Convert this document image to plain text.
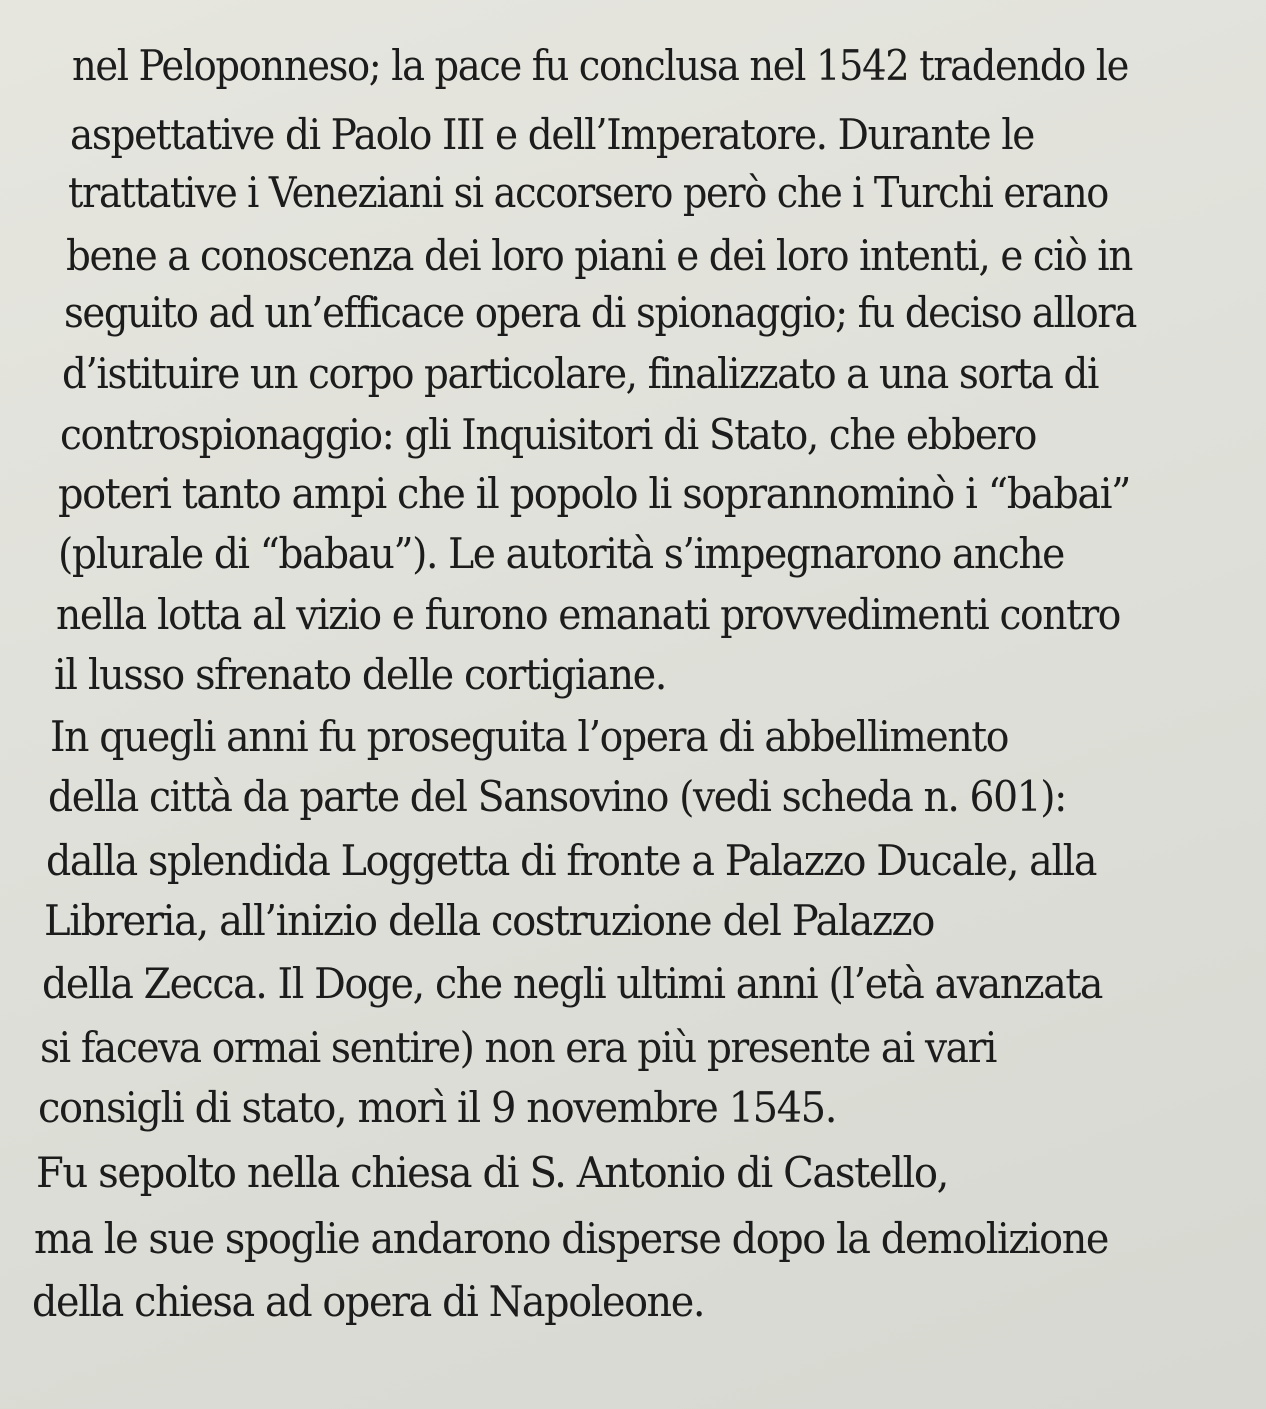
nel Peloponneso; la pace fu conclusa nel 1542 tradendo le
aspettative di Paolo III e dell’Imperatore. Durante le
trattative i Veneziani si accorsero però che i Turchi erano
bene a conoscenza dei loro piani e dei loro intenti, e ciò in
seguito ad un’efficace opera di spionaggio; fu deciso allora
d’istituire un corpo particolare, finalizzato a una sorta di
controspionaggio: gli Inquisitori di Stato, che ebbero
poteri tanto ampi che il popolo li soprannominò i “babai”
(plurale di “babau”). Le autorità s’impegnarono anche
nella lotta al vizio e furono emanati provvedimenti contro
il lusso sfrenato delle cortigiane.
In quegli anni fu proseguita l’opera di abbellimento
della città da parte del Sansovino (vedi scheda n. 601):
dalla splendida Loggetta di fronte a Palazzo Ducale, alla
Libreria, all’inizio della costruzione del Palazzo
della Zecca. Il Doge, che negli ultimi anni (l’età avanzata
si faceva ormai sentire) non era più presente ai vari
consigli di stato, morì il 9 novembre 1545.
Fu sepolto nella chiesa di S. Antonio di Castello,
ma le sue spoglie andarono disperse dopo la demolizione
della chiesa ad opera di Napoleone.
